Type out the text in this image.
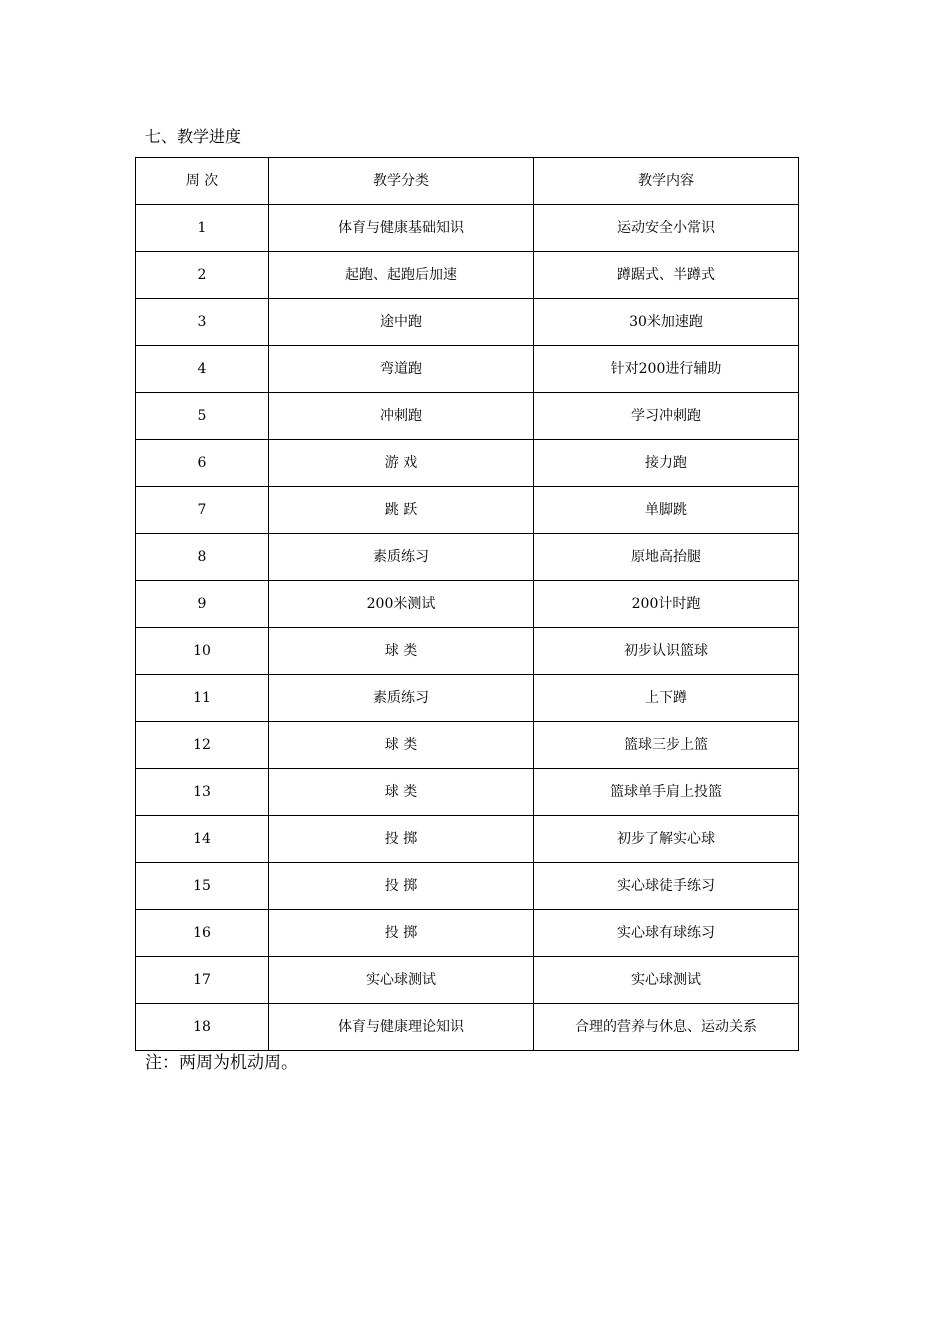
七、教学进度
周 次	教学分类	教学内容
1	体育与健康基础知识	运动安全小常识
2	起跑、起跑后加速	蹲踞式、半蹲式
3	途中跑	30米加速跑
4	弯道跑	针对200进行辅助
5	冲刺跑	学习冲刺跑
6	游 戏	接力跑
7	跳 跃	单脚跳
8	素质练习	原地高抬腿
9	200米测试	200计时跑
10	球 类	初步认识篮球
11	素质练习	上下蹲
12	球 类	篮球三步上篮
13	球 类	篮球单手肩上投篮
14	投 掷	初步了解实心球
15	投 掷	实心球徒手练习
16	投 掷	实心球有球练习
17	实心球测试	实心球测试
18	体育与健康理论知识	合理的营养与休息、运动关系
注：两周为机动周。
